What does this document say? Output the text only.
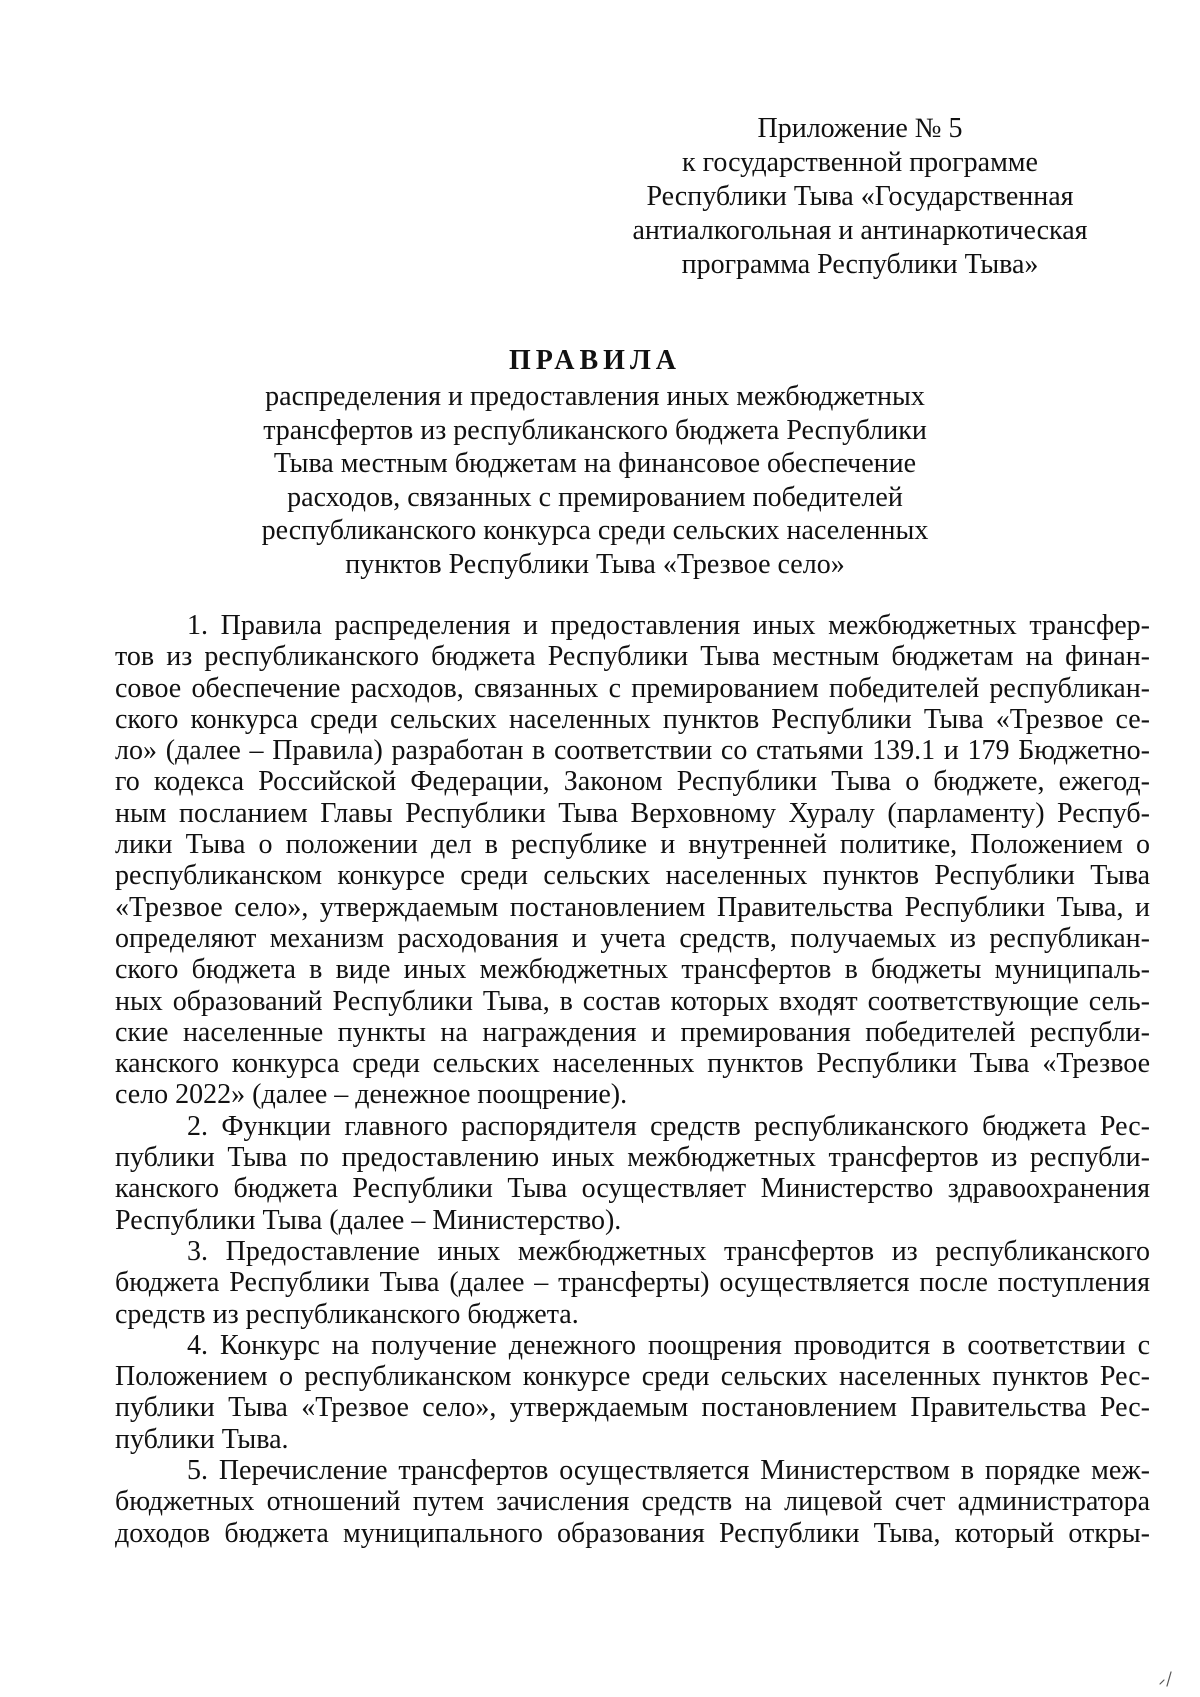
Приложение № 5
к государственной программе
Республики Тыва «Государственная
антиалкогольная и антинаркотическая
программа Республики Тыва»
ПРАВИЛА
распределения и предоставления иных межбюджетных
трансфертов из республиканского бюджета Республики
Тыва местным бюджетам на финансовое обеспечение
расходов, связанных с премированием победителей
республиканского конкурса среди сельских населенных
пунктов Республики Тыва «Трезвое село»
1. Правила распределения и предоставления иных межбюджетных трансфер-
тов из республиканского бюджета Республики Тыва местным бюджетам на финан-
совое обеспечение расходов, связанных с премированием победителей республикан-
ского конкурса среди сельских населенных пунктов Республики Тыва «Трезвое се-
ло» (далее – Правила) разработан в соответствии со статьями 139.1 и 179 Бюджетно-
го кодекса Российской Федерации, Законом Республики Тыва о бюджете, ежегод-
ным посланием Главы Республики Тыва Верховному Хуралу (парламенту) Респуб-
лики Тыва о положении дел в республике и внутренней политике, Положением о
республиканском конкурсе среди сельских населенных пунктов Республики Тыва
«Трезвое село», утверждаемым постановлением Правительства Республики Тыва, и
определяют механизм расходования и учета средств, получаемых из республикан-
ского бюджета в виде иных межбюджетных трансфертов в бюджеты муниципаль-
ных образований Республики Тыва, в состав которых входят соответствующие сель-
ские населенные пункты на награждения и премирования победителей республи-
канского конкурса среди сельских населенных пунктов Республики Тыва «Трезвое
село 2022» (далее – денежное поощрение).
2. Функции главного распорядителя средств республиканского бюджета Рес-
публики Тыва по предоставлению иных межбюджетных трансфертов из республи-
канского бюджета Республики Тыва осуществляет Министерство здравоохранения
Республики Тыва (далее – Министерство).
3. Предоставление иных межбюджетных трансфертов из республиканского
бюджета Республики Тыва (далее – трансферты) осуществляется после поступления
средств из республиканского бюджета.
4. Конкурс на получение денежного поощрения проводится в соответствии с
Положением о республиканском конкурсе среди сельских населенных пунктов Рес-
публики Тыва «Трезвое село», утверждаемым постановлением Правительства Рес-
публики Тыва.
5. Перечисление трансфертов осуществляется Министерством в порядке меж-
бюджетных отношений путем зачисления средств на лицевой счет администратора
доходов бюджета муниципального образования Республики Тыва, который откры-
